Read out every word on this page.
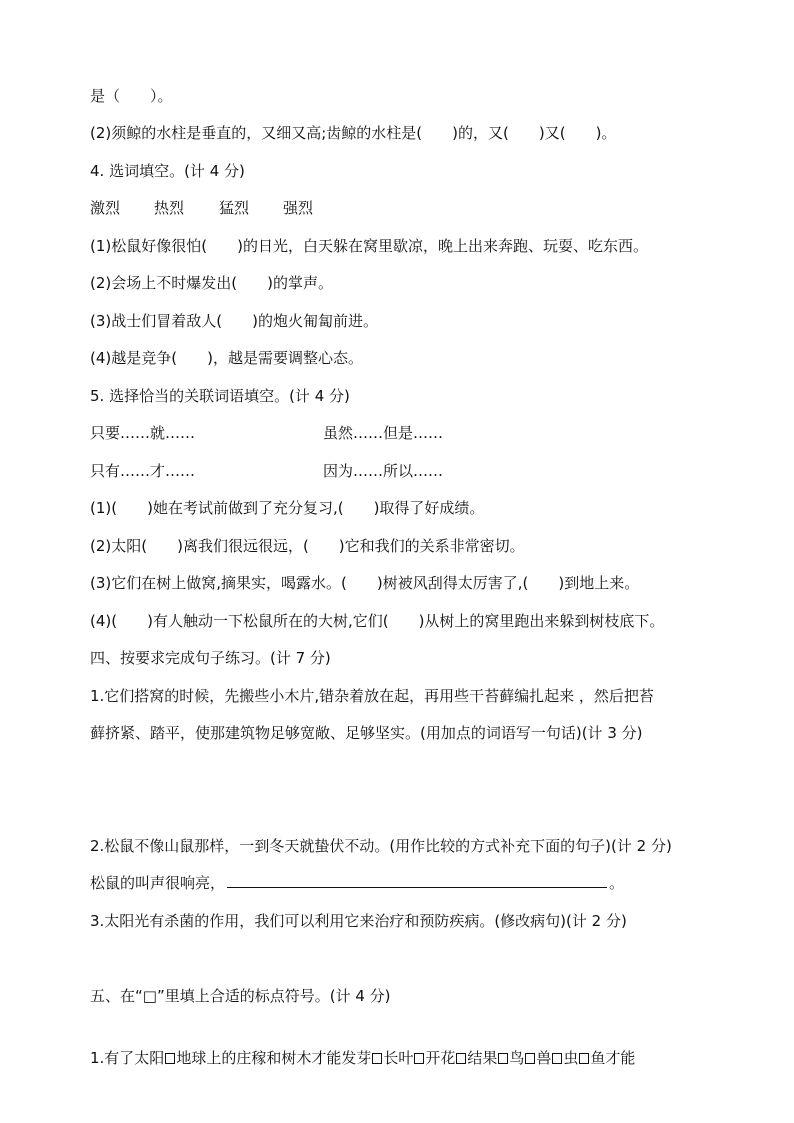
是（　　）。
(2)须鲸的水柱是垂直的，又细又高;齿鲸的水柱是(　　)的，又(　　)又(　　)。
4. 选词填空。(计 4 分)
激烈 热烈 猛烈 强烈
(1)松鼠好像很怕(　　)的日光，白天躲在窝里歇凉，晚上出来奔跑、玩耍、吃东西。
(2)会场上不时爆发出(　　)的掌声。
(3)战士们冒着敌人(　　)的炮火匍匐前进。
(4)越是竞争(　　)，越是需要调整心态。
5. 选择恰当的关联词语填空。(计 4 分)
只要……就……	虽然……但是……
只有……才……	因为……所以……
(1)(　　)她在考试前做到了充分复习,(　　)取得了好成绩。
(2)太阳(　　)离我们很远很远，(　　)它和我们的关系非常密切。
(3)它们在树上做窝,摘果实，喝露水。(　　)树被风刮得太厉害了,(　　)到地上来。
(4)(　　)有人触动一下松鼠所在的大树,它们(　　)从树上的窝里跑出来躲到树枝底下。
四、按要求完成句子练习。(计 7 分)
1.它们搭窝的时候，先搬些小木片,错杂着放在起，再用些干苔藓编扎起来 ，然后把苔
藓挤紧、踏平，使那建筑物足够宽敞、足够坚实。(用加点的词语写一句话)(计 3 分)
2.松鼠不像山鼠那样，一到冬天就蛰伏不动。(用作比较的方式补充下面的句子)(计 2 分)
松鼠的叫声很响亮，	。
3.太阳光有杀菌的作用，我们可以利用它来治疗和预防疾病。(修改病句)(计 2 分)
五、在“□”里填上合适的标点符号。(计 4 分)
1.有了太阳 地球上的庄稼和树木才能发芽 长叶 开花 结果 鸟 兽 虫 鱼才能
